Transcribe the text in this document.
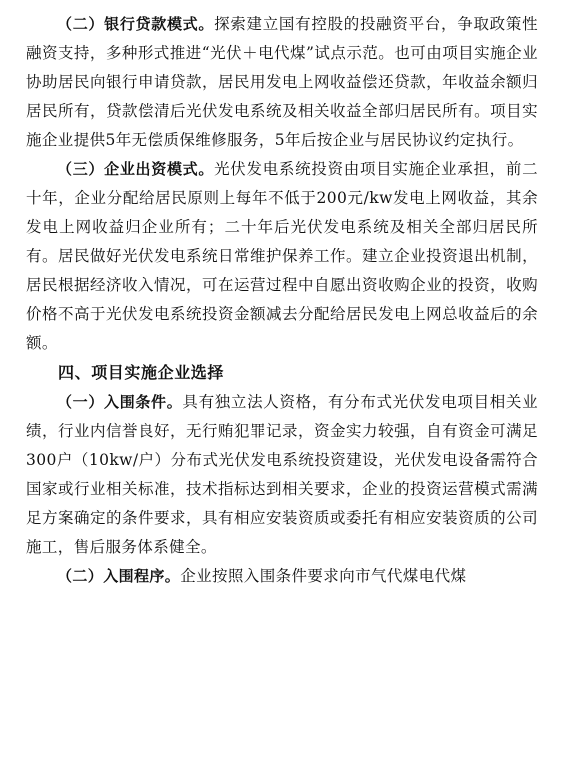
（二）银行贷款模式。探索建立国有控股的投融资平台，争取政策性融资支持，多种形式推进“光伏＋电代煤”试点示范。也可由项目实施企业协助居民向银行申请贷款，居民用发电上网收益偿还贷款，年收益余额归居民所有，贷款偿清后光伏发电系统及相关收益全部归居民所有。项目实施企业提供5年无偿质保维修服务，5年后按企业与居民协议约定执行。

（三）企业出资模式。光伏发电系统投资由项目实施企业承担，前二十年，企业分配给居民原则上每年不低于200元/kw发电上网收益，其余发电上网收益归企业所有；二十年后光伏发电系统及相关全部归居民所有。居民做好光伏发电系统日常维护保养工作。建立企业投资退出机制，居民根据经济收入情况，可在运营过程中自愿出资收购企业的投资，收购价格不高于光伏发电系统投资金额减去分配给居民发电上网总收益后的余额。

四、项目实施企业选择

（一）入围条件。具有独立法人资格，有分布式光伏发电项目相关业绩，行业内信誉良好，无行贿犯罪记录，资金实力较强，自有资金可满足300户（10kw/户）分布式光伏发电系统投资建设，光伏发电设备需符合国家或行业相关标准，技术指标达到相关要求，企业的投资运营模式需满足方案确定的条件要求，具有相应安装资质或委托有相应安装资质的公司施工，售后服务体系健全。

（二）入围程序。企业按照入围条件要求向市气代煤电代煤
